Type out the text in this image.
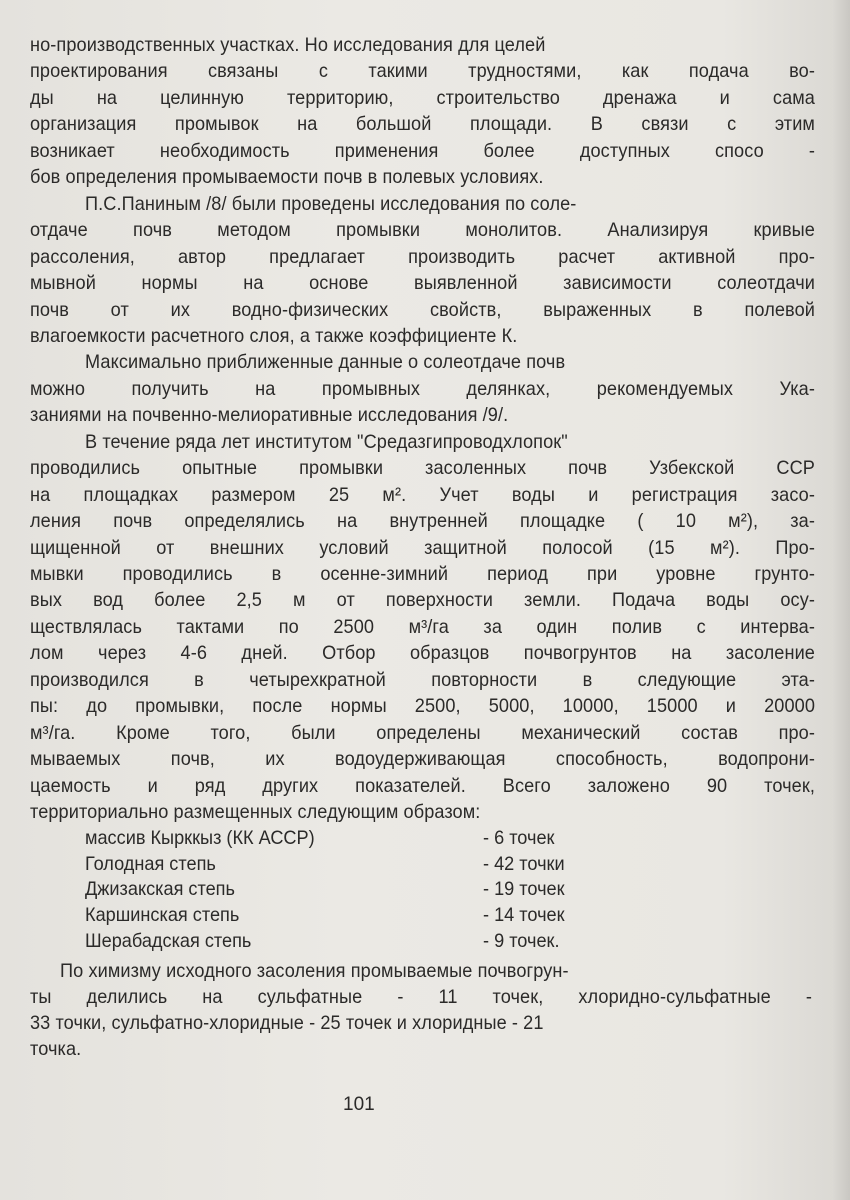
но-производственных участках. Но исследования для целей
проектирования связаны с такими трудностями, как подача во-
ды на целинную территорию, строительство дренажа и сама
организация промывок на большой площади. В связи с этим
возникает необходимость применения более доступных спосо -
бов определения промываемости почв в полевых условиях.
П.С.Паниным /8/ были проведены исследования по соле-
отдаче почв методом промывки монолитов. Анализируя кривые
рассоления, автор предлагает производить расчет активной про-
мывной нормы на основе выявленной зависимости солеотдачи
почв от их водно-физических свойств, выраженных в полевой
влагоемкости расчетного слоя, а также коэффициенте К.
Максимально приближенные данные о солеотдаче почв
можно получить на промывных делянках, рекомендуемых Ука-
заниями на почвенно-мелиоративные исследования /9/.
В течение ряда лет институтом "Средазгипроводхлопок"
проводились опытные промывки засоленных почв Узбекской ССР
на площадках размером 25 м². Учет воды и регистрация засо-
ления почв определялись на внутренней площадке ( 10 м²), за-
щищенной от внешних условий защитной полосой (15 м²). Про-
мывки проводились в осенне-зимний период при уровне грунто-
вых вод более 2,5 м от поверхности земли. Подача воды осу-
ществлялась тактами по 2500 м³/га за один полив с интерва-
лом через 4-6 дней. Отбор образцов почвогрунтов на засоление
производился в четырехкратной повторности в следующие эта-
пы: до промывки, после нормы 2500, 5000, 10000, 15000 и 20000
м³/га. Кроме того, были определены механический состав про-
мываемых почв, их водоудерживающая способность, водопрони-
цаемость и ряд других показателей. Всего заложено 90 точек,
территориально размещенных следующим образом:
массив Кырккыз (КК АССР)	- 6 точек
Голодная степь	- 42 точки
Джизакская степь	- 19 точек
Каршинская степь	- 14 точек
Шерабадская степь	- 9 точек.
По химизму исходного засоления промываемые почвогрун-
ты делились на сульфатные - 11 точек, хлоридно-сульфатные -
33 точки, сульфатно-хлоридные - 25 точек и хлоридные - 21
точка.
101
